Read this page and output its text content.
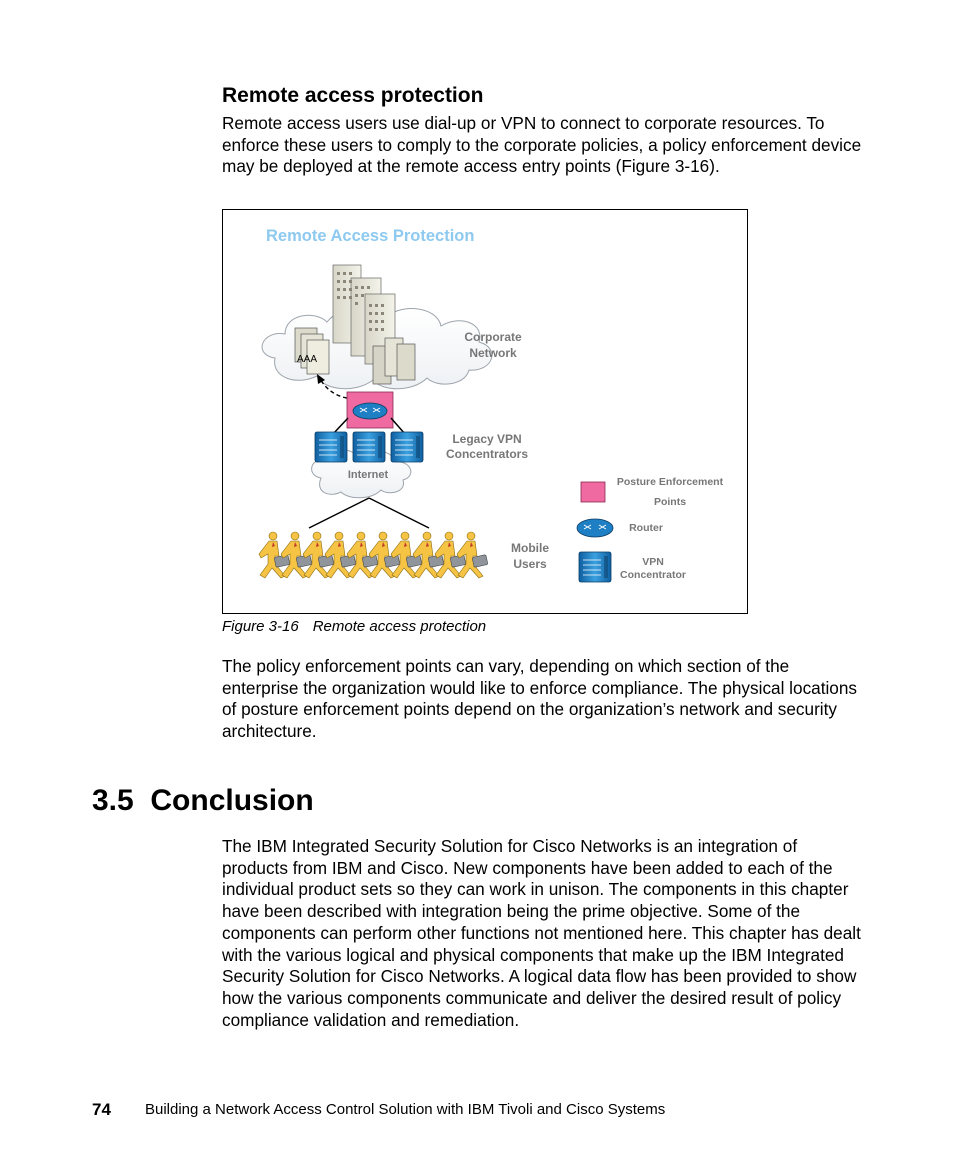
Remote access protection

Remote access users use dial-up or VPN to connect to corporate resources. To enforce these users to comply to the corporate policies, a policy enforcement device may be deployed at the remote access entry points (Figure 3-16).

Remote Access Protection
AAA
Corporate
Network
Internet
Legacy VPN
Concentrators
Mobile
Users
Posture Enforcement
Points
Router
VPN
Concentrator
Figure 3-16 Remote access protection

The policy enforcement points can vary, depending on which section of the enterprise the organization would like to enforce compliance. The physical locations of posture enforcement points depend on the organization’s network and security architecture.

3.5  Conclusion

The IBM Integrated Security Solution for Cisco Networks is an integration of products from IBM and Cisco. New components have been added to each of the individual product sets so they can work in unison. The components in this chapter have been described with integration being the prime objective. Some of the components can perform other functions not mentioned here. This chapter has dealt with the various logical and physical components that make up the IBM Integrated Security Solution for Cisco Networks. A logical data flow has been provided to show how the various components communicate and deliver the desired result of policy compliance validation and remediation.

74 Building a Network Access Control Solution with IBM Tivoli and Cisco Systems
